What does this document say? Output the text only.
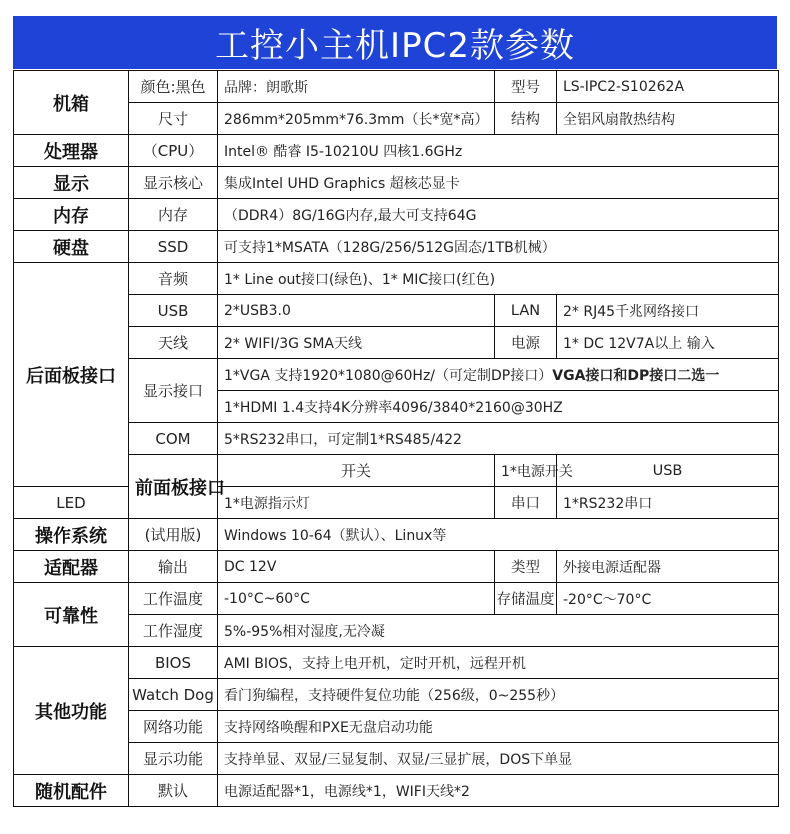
工控小主机IPC2款参数
机箱	颜色:黑色	品牌：朗歌斯	型号	LS-IPC2-S10262A	
	尺寸	286mm*205mm*76.3mm（长*宽*高）	结构	全铝风扇散热结构	
处理器	（CPU）	Intel® 酷睿 I5-10210U 四核1.6GHz			
显示	显示核心	集成Intel UHD Graphics 超核芯显卡			
内存	内存	（DDR4）8G/16G内存,最大可支持64G			
硬盘	SSD	可支持1*MSATA（128G/256/512G固态/1TB机械）			
后面板接口	音频	1* Line out接口(绿色)、1* MIC接口(红色)			
	USB	2*USB3.0	LAN	2* RJ45千兆网络接口	
	天线	2* WIFI/3G SMA天线	电源	1* DC 12V7A以上 输入	
	显示接口	1*VGA 支持1920*1080@60Hz/（可定制DP接口）VGA接口和DP接口二选一			
		1*HDMI 1.4支持4K分辨率4096/3840*2160@30HZ			
	COM	5*RS232串口，可定制1*RS485/422			
	前面板接口	开关	1*电源开关	USB	
LED		1*电源指示灯	串口	1*RS232串口	
操作系统	(试用版)	Windows 10-64（默认）、Linux等			
适配器	输出	DC 12V	类型	外接电源适配器	
可靠性	工作温度	-10°C~60°C	存储温度	-20°C～70°C	
	工作湿度	5%-95%相对湿度,无冷凝			
其他功能	BIOS	AMI BIOS，支持上电开机，定时开机，远程开机			
	Watch Dog	看门狗编程，支持硬件复位功能（256级，0~255秒）			
	网络功能	支持网络唤醒和PXE无盘启动功能			
	显示功能	支持单显、双显/三显复制、双显/三显扩展，DOS下单显			
随机配件	默认	电源适配器*1，电源线*1，WIFI天线*2			
